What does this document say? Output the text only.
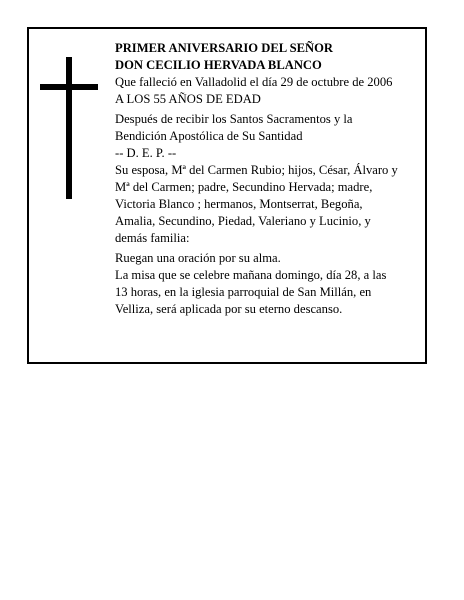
PRIMER ANIVERSARIO DEL SEÑOR
DON CECILIO HERVADA BLANCO
Que falleció en Valladolid el día 29 de octubre de 2006
A LOS 55 AÑOS DE EDAD
Después de recibir los Santos Sacramentos y la
Bendición Apostólica de Su Santidad
-- D. E. P. --
Su esposa, Mª del Carmen Rubio; hijos, César, Álvaro y
Mª del Carmen; padre, Secundino Hervada; madre,
Victoria Blanco ; hermanos, Montserrat, Begoña,
Amalia, Secundino, Piedad, Valeriano y Lucinio, y
demás familia:
Ruegan una oración por su alma.
La misa que se celebre mañana domingo, día 28, a las
13 horas, en la iglesia parroquial de San Millán, en
Velliza, será aplicada por su eterno descanso.
